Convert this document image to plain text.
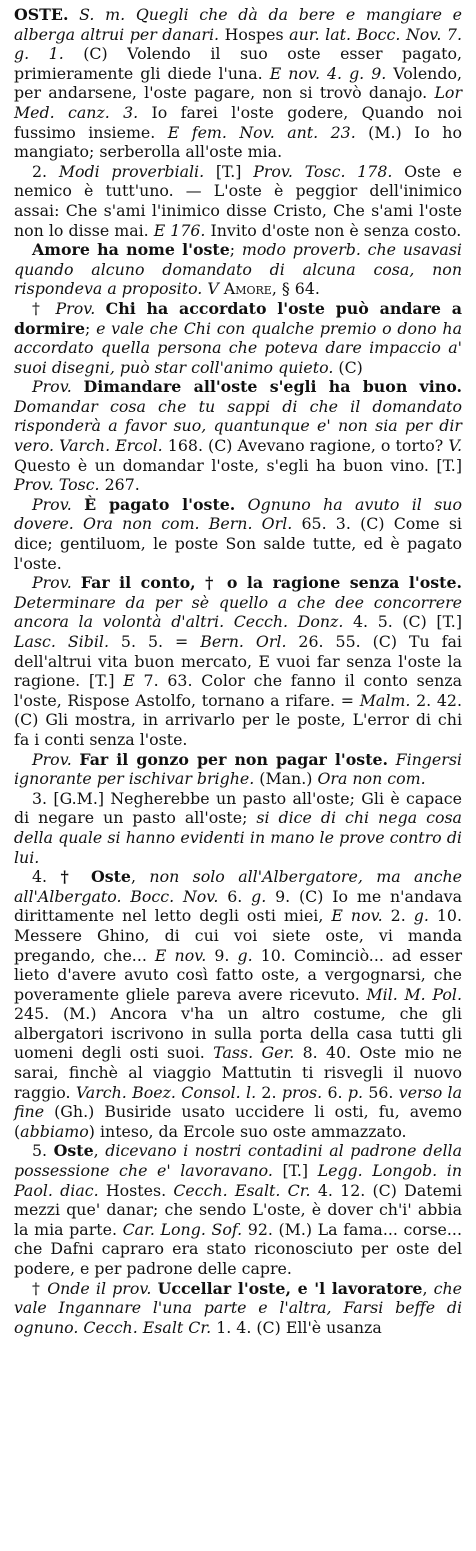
OSTE. S. m. Quegli che dà da bere e mangiare e alberga altrui per danari. Hospes aur. lat. Bocc. Nov. 7. g. 1. (C) Volendo il suo oste esser pagato, primieramente gli diede l'una. E nov. 4. g. 9. Volendo, per andarsene, l'oste pagare, non si trovò danajo. Lor Med. canz. 3. Io farei l'oste godere, Quando noi fussimo insieme. E fem. Nov. ant. 23. (M.) Io ho mangiato; serberolla all'oste mia.

2. Modi proverbiali. [T.] Prov. Tosc. 178. Oste e nemico è tutt'uno. — L'oste è peggior dell'inimico assai: Che s'ami l'inimico disse Cristo, Che s'ami l'oste non lo disse mai. E 176. Invito d'oste non è senza costo.

Amore ha nome l'oste; modo proverb. che usavasi quando alcuno domandato di alcuna cosa, non rispondeva a proposito. V Amore, § 64.

† Prov. Chi ha accordato l'oste può andare a dormire; e vale che Chi con qualche premio o dono ha accordato quella persona che poteva dare impaccio a' suoi disegni, può star coll'animo quieto. (C)

Prov. Dimandare all'oste s'egli ha buon vino. Domandar cosa che tu sappi di che il domandato risponderà a favor suo, quantunque e' non sia per dir vero. Varch. Ercol. 168. (C) Avevano ragione, o torto? V. Questo è un domandar l'oste, s'egli ha buon vino. [T.] Prov. Tosc. 267.

Prov. È pagato l'oste. Ognuno ha avuto il suo dovere. Ora non com. Bern. Orl. 65. 3. (C) Come si dice; gentiluom, le poste Son salde tutte, ed è pagato l'oste.

Prov. Far il conto, † o la ragione senza l'oste. Determinare da per sè quello a che dee concorrere ancora la volontà d'altri. Cecch. Donz. 4. 5. (C) [T.] Lasc. Sibil. 5. 5. = Bern. Orl. 26. 55. (C) Tu fai dell'altrui vita buon mercato, E vuoi far senza l'oste la ragione. [T.] E 7. 63. Color che fanno il conto senza l'oste, Rispose Astolfo, tornano a rifare. = Malm. 2. 42. (C) Gli mostra, in arrivarlo per le poste, L'error di chi fa i conti senza l'oste.

Prov. Far il gonzo per non pagar l'oste. Fingersi ignorante per ischivar brighe. (Man.) Ora non com.

3. [G.M.] Negherebbe un pasto all'oste; Gli è capace di negare un pasto all'oste; si dice di chi nega cosa della quale si hanno evidenti in mano le prove contro di lui.

4. † Oste, non solo all'Albergatore, ma anche all'Albergato. Bocc. Nov. 6. g. 9. (C) Io me n'andava dirittamente nel letto degli osti miei, E nov. 2. g. 10. Messere Ghino, di cui voi siete oste, vi manda pregando, che... E nov. 9. g. 10. Cominciò... ad esser lieto d'avere avuto così fatto oste, a vergognarsi, che poveramente gliele pareva avere ricevuto. Mil. M. Pol. 245. (M.) Ancora v'ha un altro costume, che gli albergatori iscrivono in sulla porta della casa tutti gli uomeni degli osti suoi. Tass. Ger. 8. 40. Oste mio ne sarai, finchè al viaggio Mattutin ti risvegli il nuovo raggio. Varch. Boez. Consol. l. 2. pros. 6. p. 56. verso la fine (Gh.) Busiride usato uccidere li osti, fu, avemo (abbiamo) inteso, da Ercole suo oste ammazzato.

5. Oste, dicevano i nostri contadini al padrone della possessione che e' lavoravano. [T.] Legg. Longob. in Paol. diac. Hostes. Cecch. Esalt. Cr. 4. 12. (C) Datemi mezzi que' danar; che sendo L'oste, è dover ch'i' abbia la mia parte. Car. Long. Sof. 92. (M.) La fama... corse... che Dafni capraro era stato riconosciuto per oste del podere, e per padrone delle capre.

† Onde il prov. Uccellar l'oste, e 'l lavoratore, che vale Ingannare l'una parte e l'altra, Farsi beffe di ognuno. Cecch. Esalt Cr. 1. 4. (C) Ell'è usanza
